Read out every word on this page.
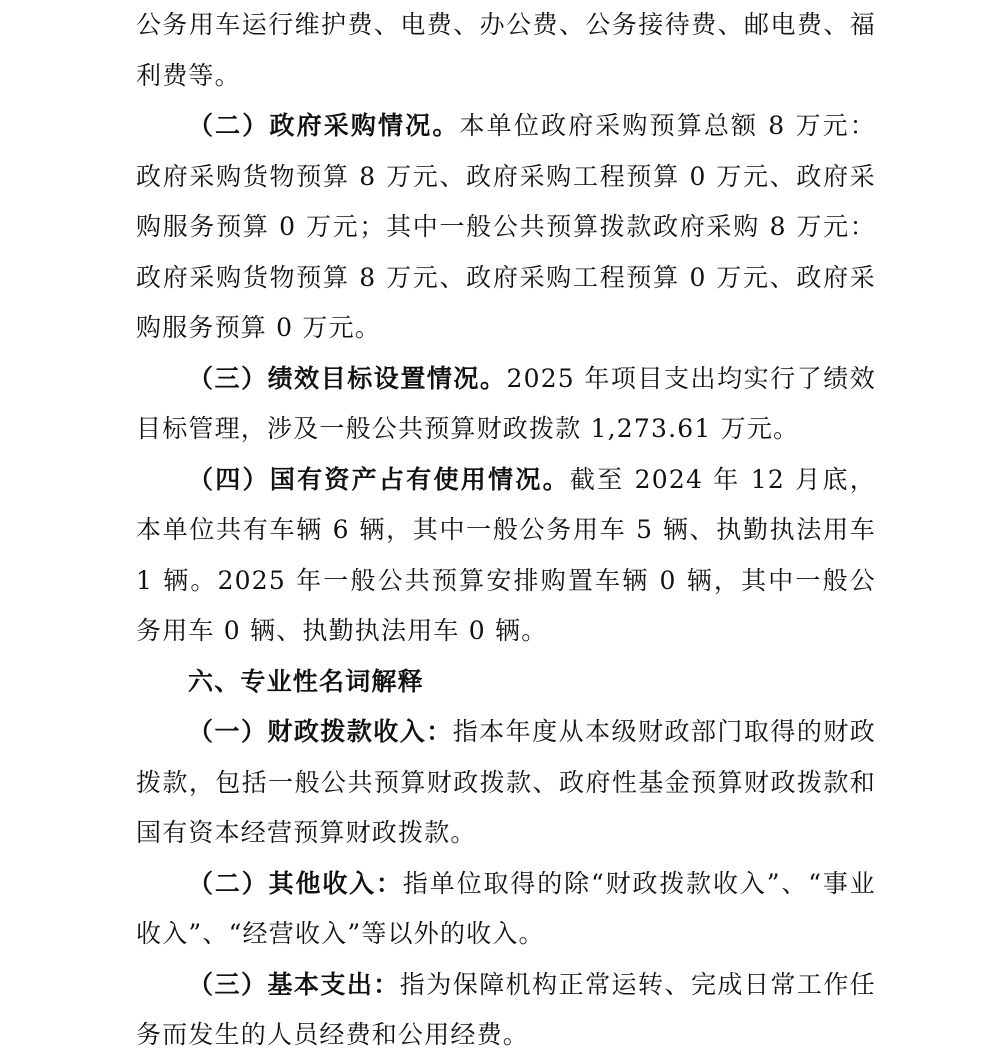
公务用车运行维护费、电费、办公费、公务接待费、邮电费、福利费等。

（二）政府采购情况。本单位政府采购预算总额 8 万元：政府采购货物预算 8 万元、政府采购工程预算 0 万元、政府采购服务预算 0 万元；其中一般公共预算拨款政府采购 8 万元：政府采购货物预算 8 万元、政府采购工程预算 0 万元、政府采购服务预算 0 万元。

（三）绩效目标设置情况。2025 年项目支出均实行了绩效目标管理，涉及一般公共预算财政拨款 1,273.61 万元。

（四）国有资产占有使用情况。截至 2024 年 12 月底，本单位共有车辆 6 辆，其中一般公务用车 5 辆、执勤执法用车 1 辆。2025 年一般公共预算安排购置车辆 0 辆，其中一般公务用车 0 辆、执勤执法用车 0 辆。

六、专业性名词解释

（一）财政拨款收入：指本年度从本级财政部门取得的财政拨款，包括一般公共预算财政拨款、政府性基金预算财政拨款和国有资本经营预算财政拨款。

（二）其他收入：指单位取得的除“财政拨款收入”、“事业收入”、“经营收入”等以外的收入。

（三）基本支出：指为保障机构正常运转、完成日常工作任务而发生的人员经费和公用经费。
